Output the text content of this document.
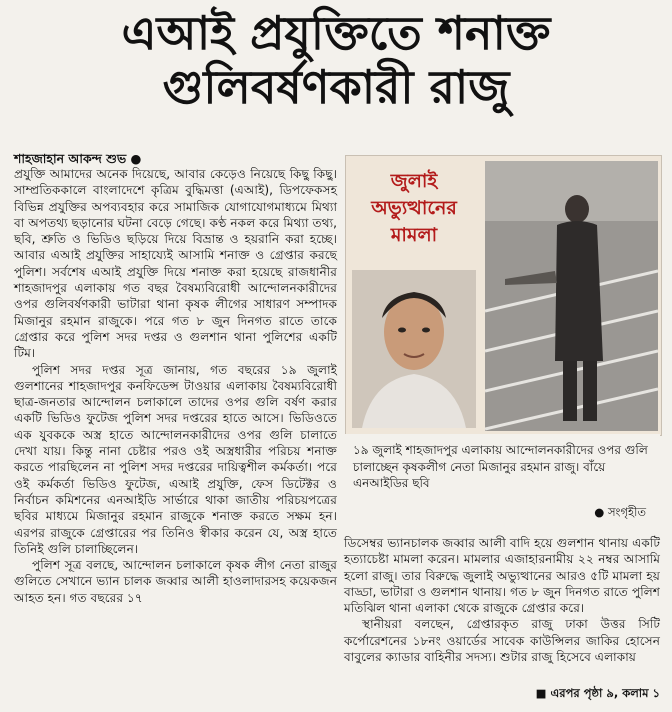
এআই প্রযুক্তিতে শনাক্ত
গুলিবর্ষণকারী রাজু
শাহজাহান আকন্দ শুভ ●

প্রযুক্তি আমাদের অনেক দিয়েছে, আবার কেড়েও নিয়েছে কিছু কিছু। সাম্প্রতিককালে বাংলাদেশে কৃত্রিম বুদ্ধিমত্তা (এআই), ডিপফেকসহ বিভিন্ন প্রযুক্তির অপব্যবহার করে সামাজিক যোগাযোগমাধ্যমে মিথ্যা বা অপতথ্য ছড়ানোর ঘটনা বেড়ে গেছে। কণ্ঠ নকল করে মিথ্যা তথ্য, ছবি, শ্রুতি ও ভিডিও ছড়িয়ে দিয়ে বিভ্রান্ত ও হয়রানি করা হচ্ছে। আবার এআই প্রযুক্তির সাহায্যেই আসামি শনাক্ত ও গ্রেপ্তার করছে পুলিশ। সর্বশেষ এআই প্রযুক্তি দিয়ে শনাক্ত করা হয়েছে রাজধানীর শাহজাদপুর এলাকায় গত বছর বৈষম্যবিরোধী আন্দোলনকারীদের ওপর গুলিবর্ষণকারী ভাটারা থানা কৃষক লীগের সাধারণ সম্পাদক মিজানুর রহমান রাজুকে। পরে গত ৮ জুন দিনগত রাতে তাকে গ্রেপ্তার করে পুলিশ সদর দপ্তর ও গুলশান থানা পুলিশের একটি টিম।

পুলিশ সদর দপ্তর সূত্র জানায়, গত বছরের ১৯ জুলাই গুলশানের শাহজাদপুর কনফিডেন্স টাওয়ার এলাকায় বৈষম্যবিরোধী ছাত্র-জনতার আন্দোলন চলাকালে তাদের ওপর গুলি বর্ষণ করার একটি ভিডিও ফুটেজ পুলিশ সদর দপ্তরের হাতে আসে। ভিডিওতে এক যুবককে অস্ত্র হাতে আন্দোলনকারীদের ওপর গুলি চালাতে দেখা যায়। কিন্তু নানা চেষ্টার পরও ওই অস্ত্রধারীর পরিচয় শনাক্ত করতে পারছিলেন না পুলিশ সদর দপ্তরের দায়িত্বশীল কর্মকর্তা। পরে ওই কর্মকর্তা ভিডিও ফুটেজ, এআই প্রযুক্তি, ফেস ডিটেক্টর ও নির্বাচন কমিশনের এনআইডি সার্ভারে থাকা জাতীয় পরিচয়পত্রের ছবির মাধ্যমে মিজানুর রহমান রাজুকে শনাক্ত করতে সক্ষম হন। এরপর রাজুকে গ্রেপ্তারের পর তিনিও স্বীকার করেন যে, অস্ত্র হাতে তিনিই গুলি চালাচ্ছিলেন।

পুলিশ সূত্র বলছে, আন্দোলন চলাকালে কৃষক লীগ নেতা রাজুর গুলিতে সেখানে ভ্যান চালক জব্বার আলী হাওলাদারসহ কয়েকজন আহত হন। গত বছরের ১৭

জুলাই
অভ্যুত্থানের
মামলা
১৯ জুলাই শাহজাদপুর এলাকায় আন্দোলনকারীদের ওপর গুলি চালাচ্ছেন কৃষকলীগ নেতা মিজানুর রহমান রাজু। বাঁয়ে এনআইডির ছবি
● সংগৃহীত

ডিসেম্বর ভ্যানচালক জব্বার আলী বাদি হয়ে গুলশান থানায় একটি হত্যাচেষ্টা মামলা করেন। মামলার এজাহারনামীয় ২২ নম্বর আসামি হলো রাজু। তার বিরুদ্ধে জুলাই অভ্যুত্থানের আরও ৫টি মামলা হয় বাড্ডা, ভাটারা ও গুলশান থানায়। গত ৮ জুন দিনগত রাতে পুলিশ মতিঝিল থানা এলাকা থেকে রাজুকে গ্রেপ্তার করে।

স্থানীয়রা বলছেন, গ্রেপ্তারকৃত রাজু ঢাকা উত্তর সিটি কর্পোরেশনের ১৮নং ওয়ার্ডের সাবেক কাউন্সিলর জাকির হোসেন বাবুলের ক্যাডার বাহিনীর সদস্য। শুটার রাজু হিসেবে এলাকায়

■ এরপর পৃষ্ঠা ৯, কলাম ১
